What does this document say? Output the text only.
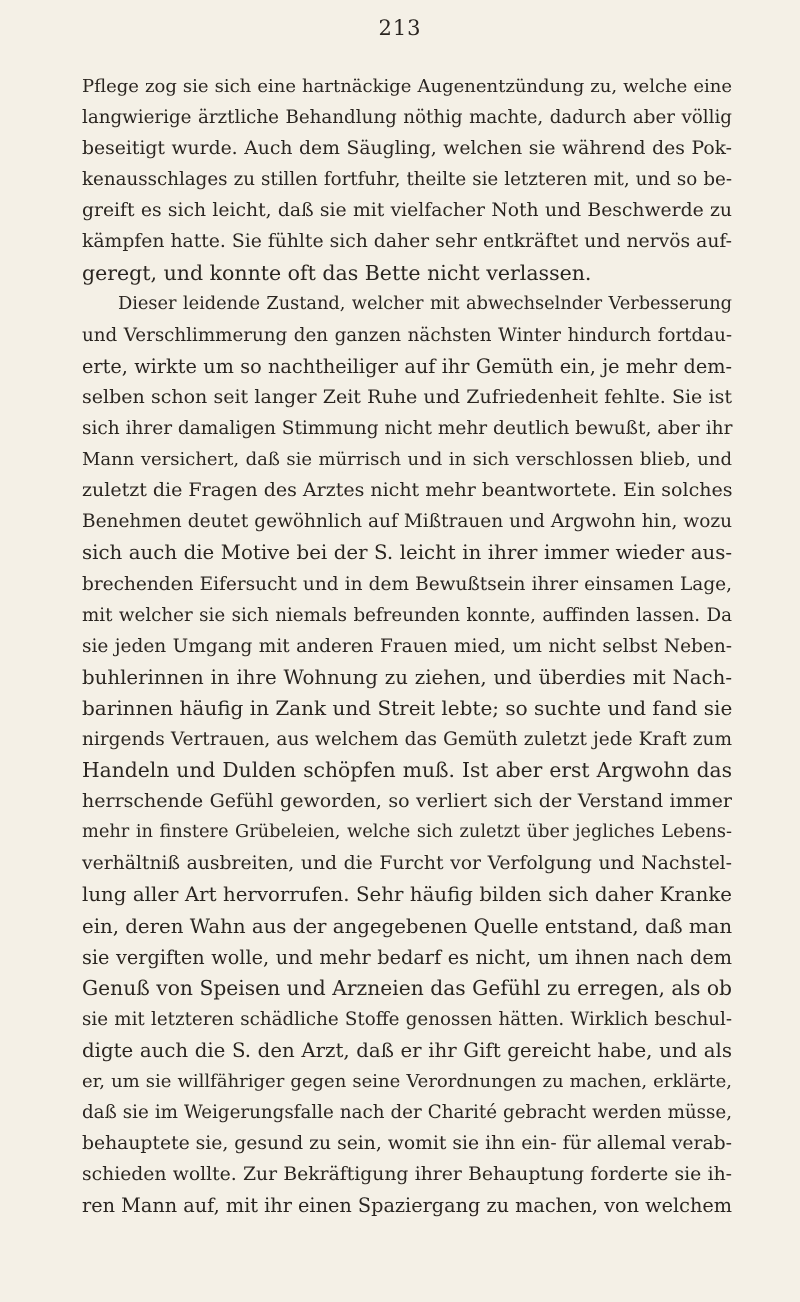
213
Pflege zog sie sich eine hartnäckige Augenentzündung zu, welche eine
langwierige ärztliche Behandlung nöthig machte, dadurch aber völlig
beseitigt wurde. Auch dem Säugling, welchen sie während des Pok-
kenausschlages zu stillen fortfuhr, theilte sie letzteren mit, und so be-
greift es sich leicht, daß sie mit vielfacher Noth und Beschwerde zu
kämpfen hatte. Sie fühlte sich daher sehr entkräftet und nervös auf-
geregt, und konnte oft das Bette nicht verlassen.
Dieser leidende Zustand, welcher mit abwechselnder Verbesserung
und Verschlimmerung den ganzen nächsten Winter hindurch fortdau-
erte, wirkte um so nachtheiliger auf ihr Gemüth ein, je mehr dem-
selben schon seit langer Zeit Ruhe und Zufriedenheit fehlte. Sie ist
sich ihrer damaligen Stimmung nicht mehr deutlich bewußt, aber ihr
Mann versichert, daß sie mürrisch und in sich verschlossen blieb, und
zuletzt die Fragen des Arztes nicht mehr beantwortete. Ein solches
Benehmen deutet gewöhnlich auf Mißtrauen und Argwohn hin, wozu
sich auch die Motive bei der S. leicht in ihrer immer wieder aus-
brechenden Eifersucht und in dem Bewußtsein ihrer einsamen Lage,
mit welcher sie sich niemals befreunden konnte, auffinden lassen. Da
sie jeden Umgang mit anderen Frauen mied, um nicht selbst Neben-
buhlerinnen in ihre Wohnung zu ziehen, und überdies mit Nach-
barinnen häufig in Zank und Streit lebte; so suchte und fand sie
nirgends Vertrauen, aus welchem das Gemüth zuletzt jede Kraft zum
Handeln und Dulden schöpfen muß. Ist aber erst Argwohn das
herrschende Gefühl geworden, so verliert sich der Verstand immer
mehr in finstere Grübeleien, welche sich zuletzt über jegliches Lebens-
verhältniß ausbreiten, und die Furcht vor Verfolgung und Nachstel-
lung aller Art hervorrufen. Sehr häufig bilden sich daher Kranke
ein, deren Wahn aus der angegebenen Quelle entstand, daß man
sie vergiften wolle, und mehr bedarf es nicht, um ihnen nach dem
Genuß von Speisen und Arzneien das Gefühl zu erregen, als ob
sie mit letzteren schädliche Stoffe genossen hätten. Wirklich beschul-
digte auch die S. den Arzt, daß er ihr Gift gereicht habe, und als
er, um sie willfähriger gegen seine Verordnungen zu machen, erklärte,
daß sie im Weigerungsfalle nach der Charité gebracht werden müsse,
behauptete sie, gesund zu sein, womit sie ihn ein- für allemal verab-
schieden wollte. Zur Bekräftigung ihrer Behauptung forderte sie ih-
ren Mann auf, mit ihr einen Spaziergang zu machen, von welchem
